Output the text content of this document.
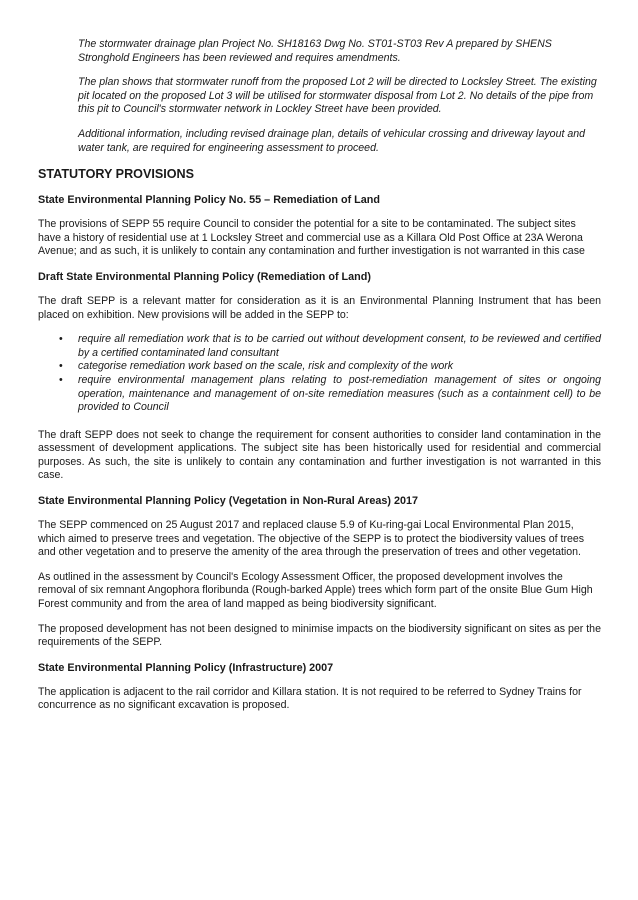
The stormwater drainage plan Project No. SH18163 Dwg No. ST01-ST03 Rev A prepared by SHENS Stronghold Engineers has been reviewed and requires amendments.

The plan shows that stormwater runoff from the proposed Lot 2 will be directed to Locksley Street. The existing pit located on the proposed Lot 3 will be utilised for stormwater disposal from Lot 2. No details of the pipe from this pit to Council's stormwater network in Lockley Street have been provided.

Additional information, including revised drainage plan, details of vehicular crossing and driveway layout and water tank, are required for engineering assessment to proceed.

STATUTORY PROVISIONS
State Environmental Planning Policy No. 55 – Remediation of Land

The provisions of SEPP 55 require Council to consider the potential for a site to be contaminated. The subject sites have a history of residential use at 1 Locksley Street and commercial use as a Killara Old Post Office at 23A Werona Avenue; and as such, it is unlikely to contain any contamination and further investigation is not warranted in this case

Draft State Environmental Planning Policy (Remediation of Land)

The draft SEPP is a relevant matter for consideration as it is an Environmental Planning Instrument that has been placed on exhibition. New provisions will be added in the SEPP to:

• require all remediation work that is to be carried out without development consent, to be reviewed and certified by a certified contaminated land consultant
• categorise remediation work based on the scale, risk and complexity of the work
• require environmental management plans relating to post-remediation management of sites or ongoing operation, maintenance and management of on-site remediation measures (such as a containment cell) to be provided to Council

The draft SEPP does not seek to change the requirement for consent authorities to consider land contamination in the assessment of development applications. The subject site has been historically used for residential and commercial purposes. As such, the site is unlikely to contain any contamination and further investigation is not warranted in this case.

State Environmental Planning Policy (Vegetation in Non-Rural Areas) 2017

The SEPP commenced on 25 August 2017 and replaced clause 5.9 of Ku-ring-gai Local Environmental Plan 2015, which aimed to preserve trees and vegetation. The objective of the SEPP is to protect the biodiversity values of trees and other vegetation and to preserve the amenity of the area through the preservation of trees and other vegetation.

As outlined in the assessment by Council's Ecology Assessment Officer, the proposed development involves the removal of six remnant Angophora floribunda (Rough-barked Apple) trees which form part of the onsite Blue Gum High Forest community and from the area of land mapped as being biodiversity significant.

The proposed development has not been designed to minimise impacts on the biodiversity significant on sites as per the requirements of the SEPP.

State Environmental Planning Policy (Infrastructure) 2007

The application is adjacent to the rail corridor and Killara station. It is not required to be referred to Sydney Trains for concurrence as no significant excavation is proposed.
